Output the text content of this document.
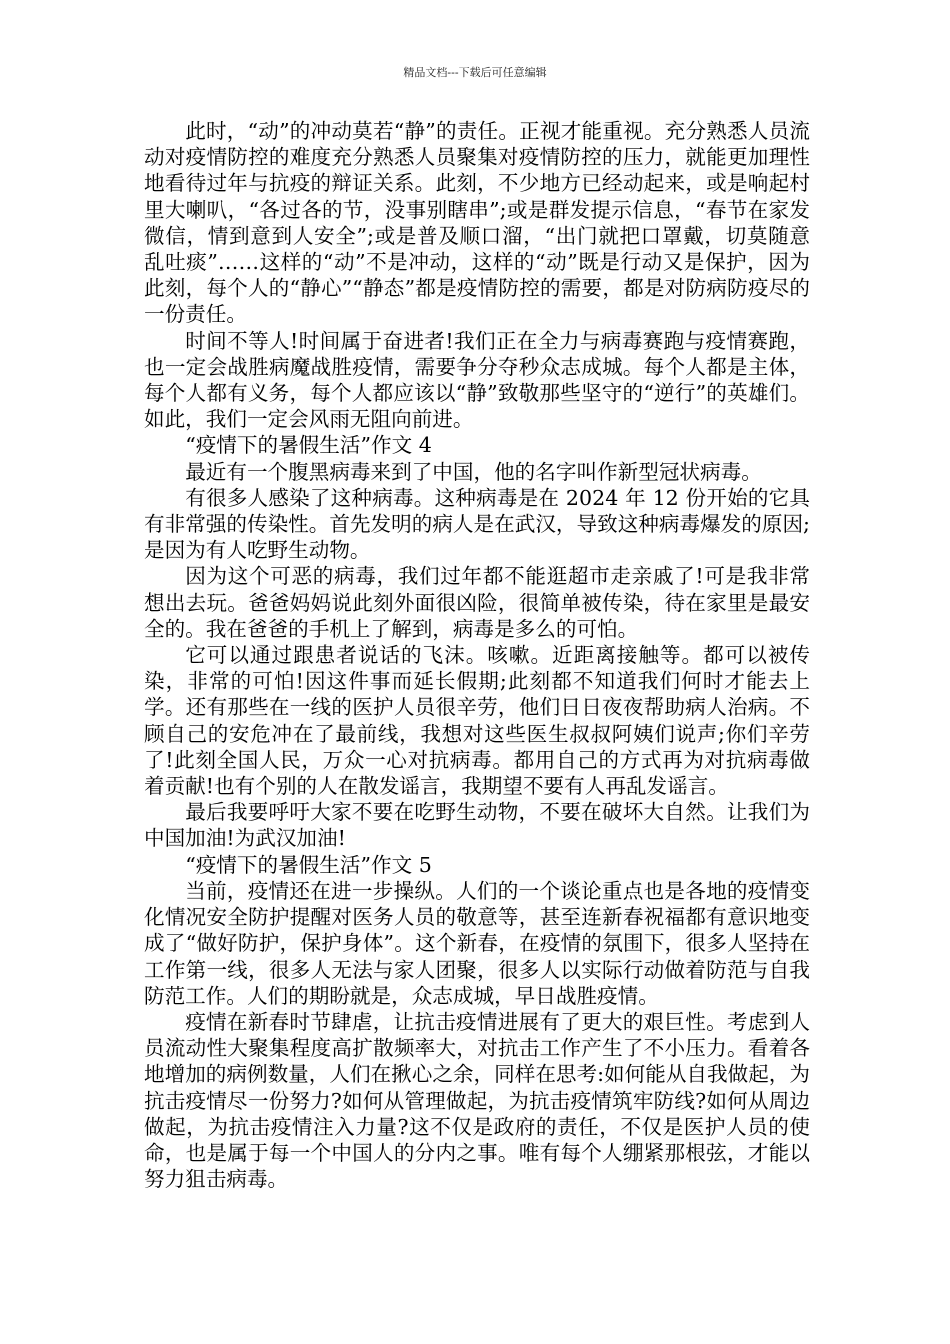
精品文档---下载后可任意编辑

此时，“动”的冲动莫若“静”的责任。正视才能重视。充分熟悉人员流动对疫情防控的难度充分熟悉人员聚集对疫情防控的压力，就能更加理性地看待过年与抗疫的辩证关系。此刻，不少地方已经动起来，或是响起村里大喇叭，“各过各的节，没事别瞎串”;或是群发提示信息，“春节在家发微信，情到意到人安全”;或是普及顺口溜，“出门就把口罩戴，切莫随意乱吐痰”……这样的“动”不是冲动，这样的“动”既是行动又是保护，因为此刻，每个人的“静心”“静态”都是疫情防控的需要，都是对防病防疫尽的一份责任。

时间不等人!时间属于奋进者!我们正在全力与病毒赛跑与疫情赛跑，也一定会战胜病魔战胜疫情，需要争分夺秒众志成城。每个人都是主体，每个人都有义务，每个人都应该以“静”致敬那些坚守的“逆行”的英雄们。如此，我们一定会风雨无阻向前进。

“疫情下的暑假生活”作文 4

最近有一个腹黑病毒来到了中国，他的名字叫作新型冠状病毒。

有很多人感染了这种病毒。这种病毒是在 2024 年 12 份开始的它具有非常强的传染性。首先发明的病人是在武汉，导致这种病毒爆发的原因;是因为有人吃野生动物。

因为这个可恶的病毒，我们过年都不能逛超市走亲戚了!可是我非常想出去玩。爸爸妈妈说此刻外面很凶险，很简单被传染，待在家里是最安全的。我在爸爸的手机上了解到，病毒是多么的可怕。

它可以通过跟患者说话的飞沫。咳嗽。近距离接触等。都可以被传染，非常的可怕!因这件事而延长假期;此刻都不知道我们何时才能去上学。还有那些在一线的医护人员很辛劳，他们日日夜夜帮助病人治病。不顾自己的安危冲在了最前线，我想对这些医生叔叔阿姨们说声;你们辛劳了!此刻全国人民，万众一心对抗病毒。都用自己的方式再为对抗病毒做着贡献!也有个别的人在散发谣言，我期望不要有人再乱发谣言。

最后我要呼吁大家不要在吃野生动物，不要在破坏大自然。让我们为中国加油!为武汉加油!

“疫情下的暑假生活”作文 5

当前，疫情还在进一步操纵。人们的一个谈论重点也是各地的疫情变化情况安全防护提醒对医务人员的敬意等，甚至连新春祝福都有意识地变成了“做好防护，保护身体”。这个新春，在疫情的氛围下，很多人坚持在工作第一线，很多人无法与家人团聚，很多人以实际行动做着防范与自我防范工作。人们的期盼就是，众志成城，早日战胜疫情。

疫情在新春时节肆虐，让抗击疫情进展有了更大的艰巨性。考虑到人员流动性大聚集程度高扩散频率大，对抗击工作产生了不小压力。看着各地增加的病例数量，人们在揪心之余，同样在思考:如何能从自我做起，为抗击疫情尽一份努力?如何从管理做起，为抗击疫情筑牢防线?如何从周边做起，为抗击疫情注入力量?这不仅是政府的责任，不仅是医护人员的使命，也是属于每一个中国人的分内之事。唯有每个人绷紧那根弦，才能以努力狙击病毒。
